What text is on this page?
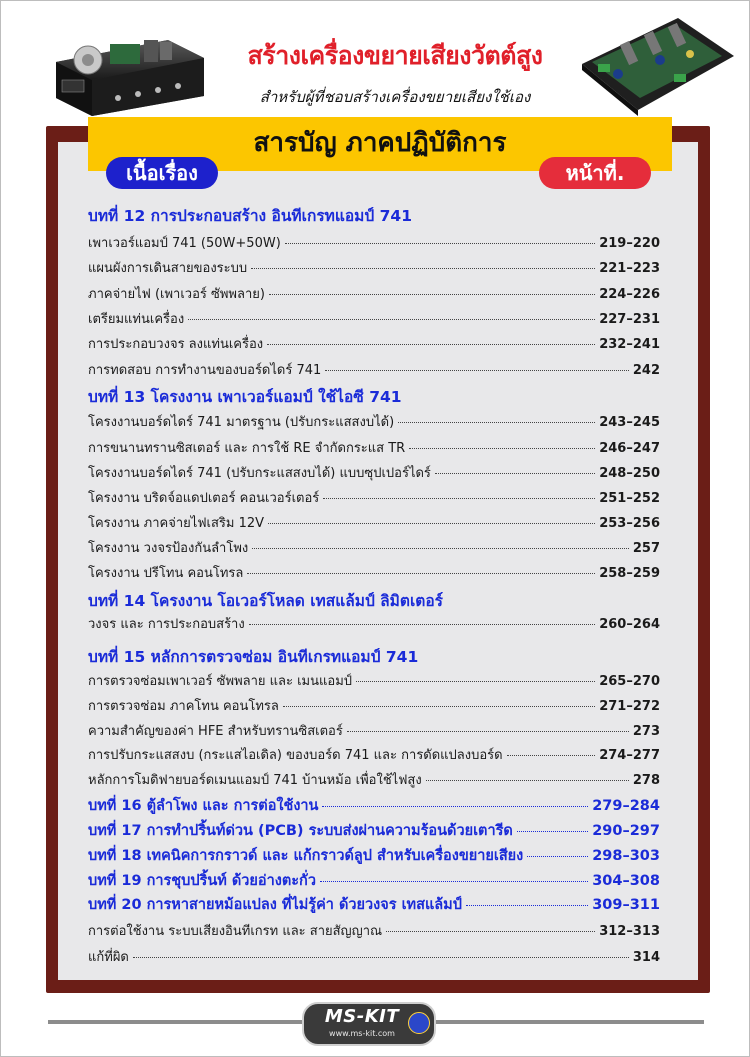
สร้างเครื่องขยายเสียงวัตต์สูง
สำหรับผู้ที่ชอบสร้างเครื่องขยายเสียงใช้เอง
สารบัญ ภาคปฏิบัติการ
เนื้อเรื่อง	หน้าที่.
บทที่ 12 การประกอบสร้าง อินทีเกรทแอมป์ 741
เพาเวอร์แอมป์ 741 (50W+50W)	219–220
แผนผังการเดินสายของระบบ	221–223
ภาคจ่ายไฟ (เพาเวอร์ ซัพพลาย)	224–226
เตรียมแท่นเครื่อง	227–231
การประกอบวงจร ลงแท่นเครื่อง	232–241
การทดสอบ การทำงานของบอร์ดไดร์ 741	242
บทที่ 13 โครงงาน เพาเวอร์แอมป์ ใช้ไอซี 741
โครงงานบอร์ดไดร์ 741 มาตรฐาน (ปรับกระแสสงบได้)	243–245
การขนานทรานซิสเตอร์ และ การใช้ RE จำกัดกระแส TR	246–247
โครงงานบอร์ดไดร์ 741 (ปรับกระแสสงบได้) แบบซุปเปอร์ไดร์	248–250
โครงงาน บริดจ์อแดปเตอร์ คอนเวอร์เตอร์	251–252
โครงงาน ภาคจ่ายไฟเสริม 12V	253–256
โครงงาน วงจรป้องกันลำโพง	257
โครงงาน ปรีโทน คอนโทรล	258–259
บทที่ 14 โครงงาน โอเวอร์โหลด เทสแล้มป์ ลิมิตเตอร์
วงจร และ การประกอบสร้าง	260–264
บทที่ 15 หลักการตรวจซ่อม อินทีเกรทแอมป์ 741
การตรวจซ่อมเพาเวอร์ ซัพพลาย และ เมนแอมป์	265–270
การตรวจซ่อม ภาคโทน คอนโทรล	271–272
ความสำคัญของค่า HFE สำหรับทรานซิสเตอร์	273
การปรับกระแสสงบ (กระแสไอเดิล) ของบอร์ด 741 และ การดัดแปลงบอร์ด	274–277
หลักการโมดิฟายบอร์ดเมนแอมป์ 741 บ้านหม้อ เพื่อใช้ไฟสูง	278
บทที่ 16 ตู้ลำโพง และ การต่อใช้งาน	279–284
บทที่ 17 การทำปริ้นท์ด่วน (PCB) ระบบส่งผ่านความร้อนด้วยเตารีด	290–297
บทที่ 18 เทคนิคการกราวด์ และ แก้กราวด์ลูป สำหรับเครื่องขยายเสียง	298–303
บทที่ 19 การชุบปริ้นท์ ด้วยอ่างตะกั่ว	304–308
บทที่ 20 การหาสายหม้อแปลง ที่ไม่รู้ค่า ด้วยวงจร เทสแล้มป์	309–311
การต่อใช้งาน ระบบเสียงอินทีเกรท และ สายสัญญาณ	312–313
แก้ที่ผิด	314
MS-KIT
www.ms-kit.com
